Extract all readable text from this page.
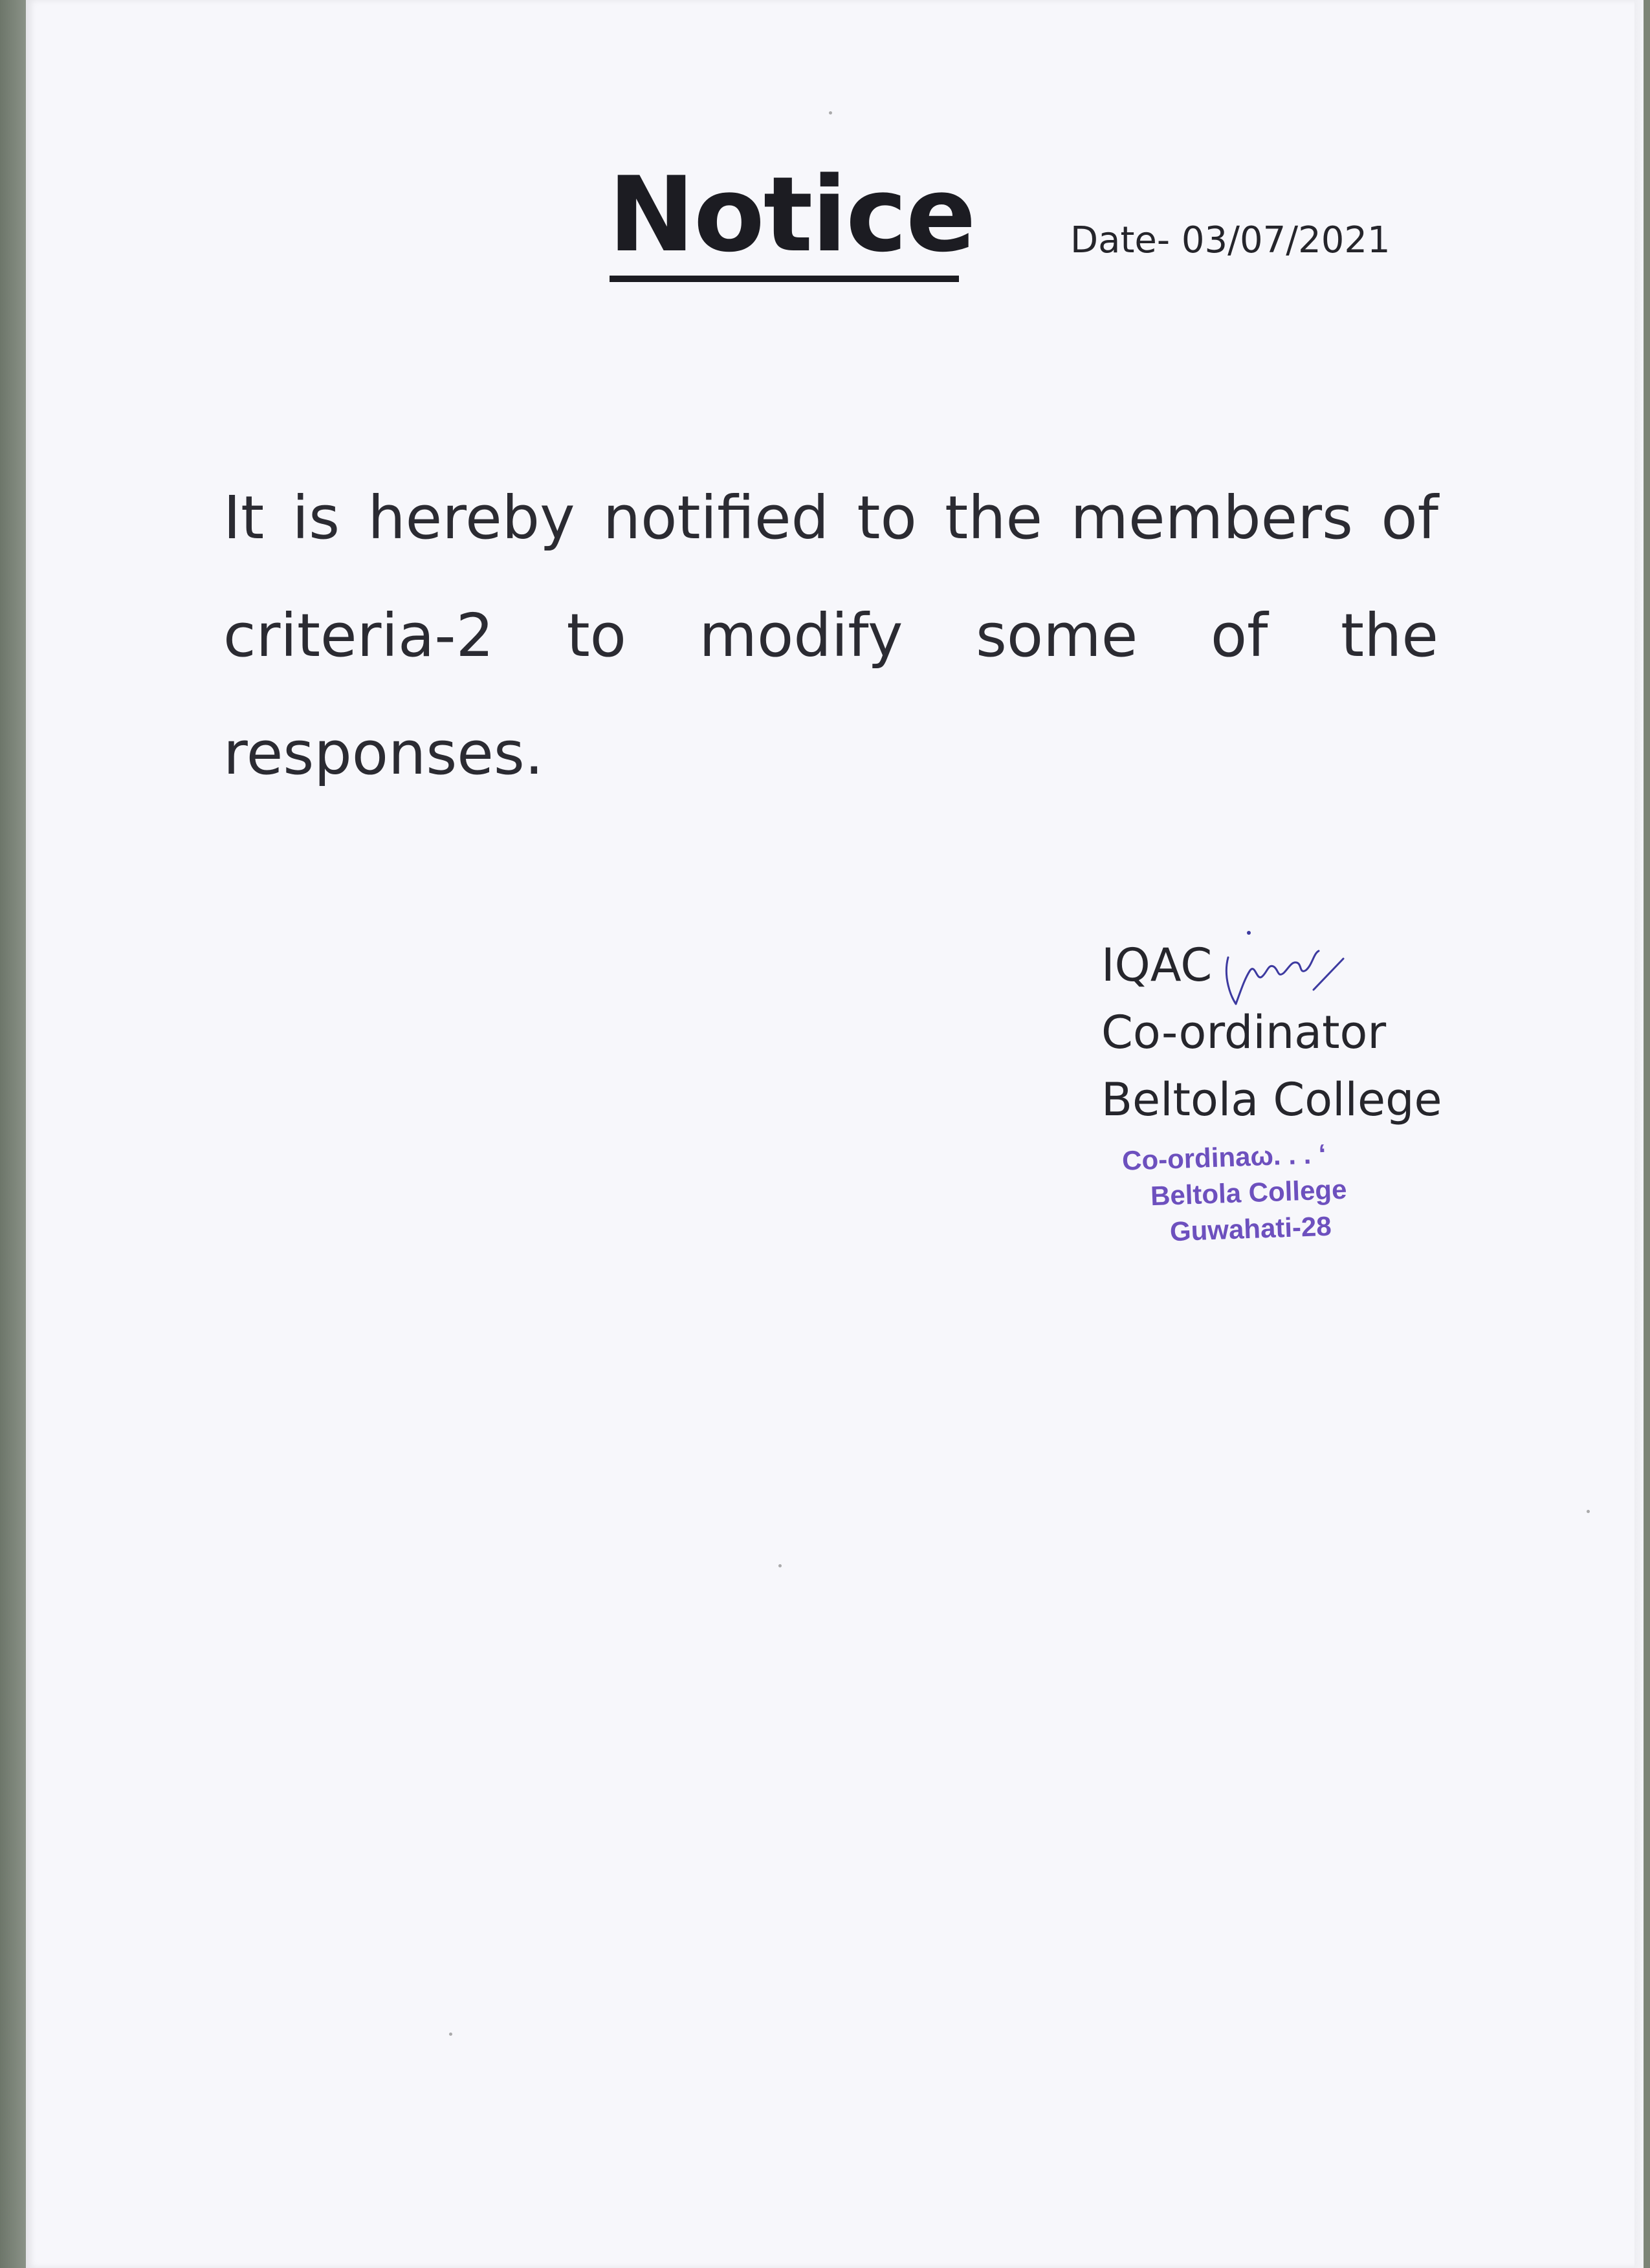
Notice	Date- 03/07/2021
It is hereby notified to the members of criteria-2 to modify some of the responses.
IQAC
Co-ordinator
Beltola College
Co-ordinaω. . . ‘
Beltola College
Guwahati-28
